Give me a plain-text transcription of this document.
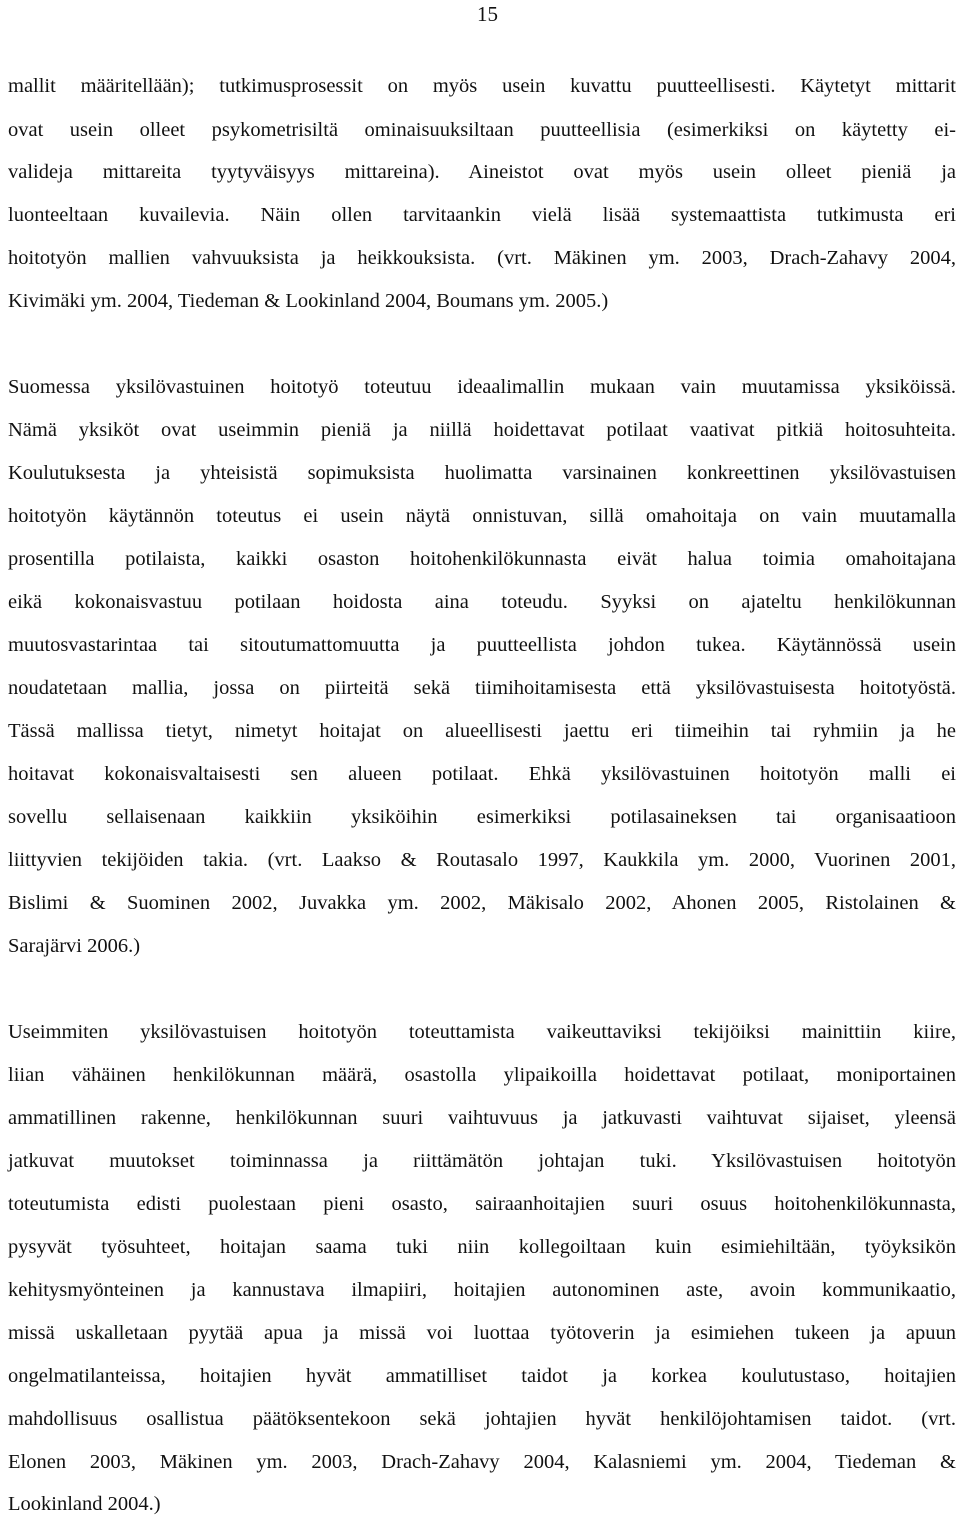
15
mallit määritellään); tutkimusprosessit on myös usein kuvattu puutteellisesti. Käytetyt mittarit
ovat usein olleet psykometrisiltä ominaisuuksiltaan puutteellisia (esimerkiksi on käytetty ei-
valideja mittareita tyytyväisyys mittareina). Aineistot ovat myös usein olleet pieniä ja
luonteeltaan kuvailevia. Näin ollen tarvitaankin vielä lisää systemaattista tutkimusta eri
hoitotyön mallien vahvuuksista ja heikkouksista. (vrt. Mäkinen ym. 2003, Drach-Zahavy 2004,
Kivimäki ym. 2004, Tiedeman & Lookinland 2004, Boumans ym. 2005.)
Suomessa yksilövastuinen hoitotyö toteutuu ideaalimallin mukaan vain muutamissa yksiköissä.
Nämä yksiköt ovat useimmin pieniä ja niillä hoidettavat potilaat vaativat pitkiä hoitosuhteita.
Koulutuksesta ja yhteisistä sopimuksista huolimatta varsinainen konkreettinen yksilövastuisen
hoitotyön käytännön toteutus ei usein näytä onnistuvan, sillä omahoitaja on vain muutamalla
prosentilla potilaista, kaikki osaston hoitohenkilökunnasta eivät halua toimia omahoitajana
eikä kokonaisvastuu potilaan hoidosta aina toteudu. Syyksi on ajateltu henkilökunnan
muutosvastarintaa tai sitoutumattomuutta ja puutteellista johdon tukea. Käytännössä usein
noudatetaan mallia, jossa on piirteitä sekä tiimihoitamisesta että yksilövastuisesta hoitotyöstä.
Tässä mallissa tietyt, nimetyt hoitajat on alueellisesti jaettu eri tiimeihin tai ryhmiin ja he
hoitavat kokonaisvaltaisesti sen alueen potilaat. Ehkä yksilövastuinen hoitotyön malli ei
sovellu sellaisenaan kaikkiin yksiköihin esimerkiksi potilasaineksen tai organisaatioon
liittyvien tekijöiden takia. (vrt. Laakso & Routasalo 1997, Kaukkila ym. 2000, Vuorinen 2001,
Bislimi & Suominen 2002, Juvakka ym. 2002, Mäkisalo 2002, Ahonen 2005, Ristolainen &
Sarajärvi 2006.)
Useimmiten yksilövastuisen hoitotyön toteuttamista vaikeuttaviksi tekijöiksi mainittiin kiire,
liian vähäinen henkilökunnan määrä, osastolla ylipaikoilla hoidettavat potilaat, moniportainen
ammatillinen rakenne, henkilökunnan suuri vaihtuvuus ja jatkuvasti vaihtuvat sijaiset, yleensä
jatkuvat muutokset toiminnassa ja riittämätön johtajan tuki. Yksilövastuisen hoitotyön
toteutumista edisti puolestaan pieni osasto, sairaanhoitajien suuri osuus hoitohenkilökunnasta,
pysyvät työsuhteet, hoitajan saama tuki niin kollegoiltaan kuin esimiehiltään, työyksikön
kehitysmyönteinen ja kannustava ilmapiiri, hoitajien autonominen aste, avoin kommunikaatio,
missä uskalletaan pyytää apua ja missä voi luottaa työtoverin ja esimiehen tukeen ja apuun
ongelmatilanteissa, hoitajien hyvät ammatilliset taidot ja korkea koulutustaso, hoitajien
mahdollisuus osallistua päätöksentekoon sekä johtajien hyvät henkilöjohtamisen taidot. (vrt.
Elonen 2003, Mäkinen ym. 2003, Drach-Zahavy 2004, Kalasniemi ym. 2004, Tiedeman &
Lookinland 2004.)
